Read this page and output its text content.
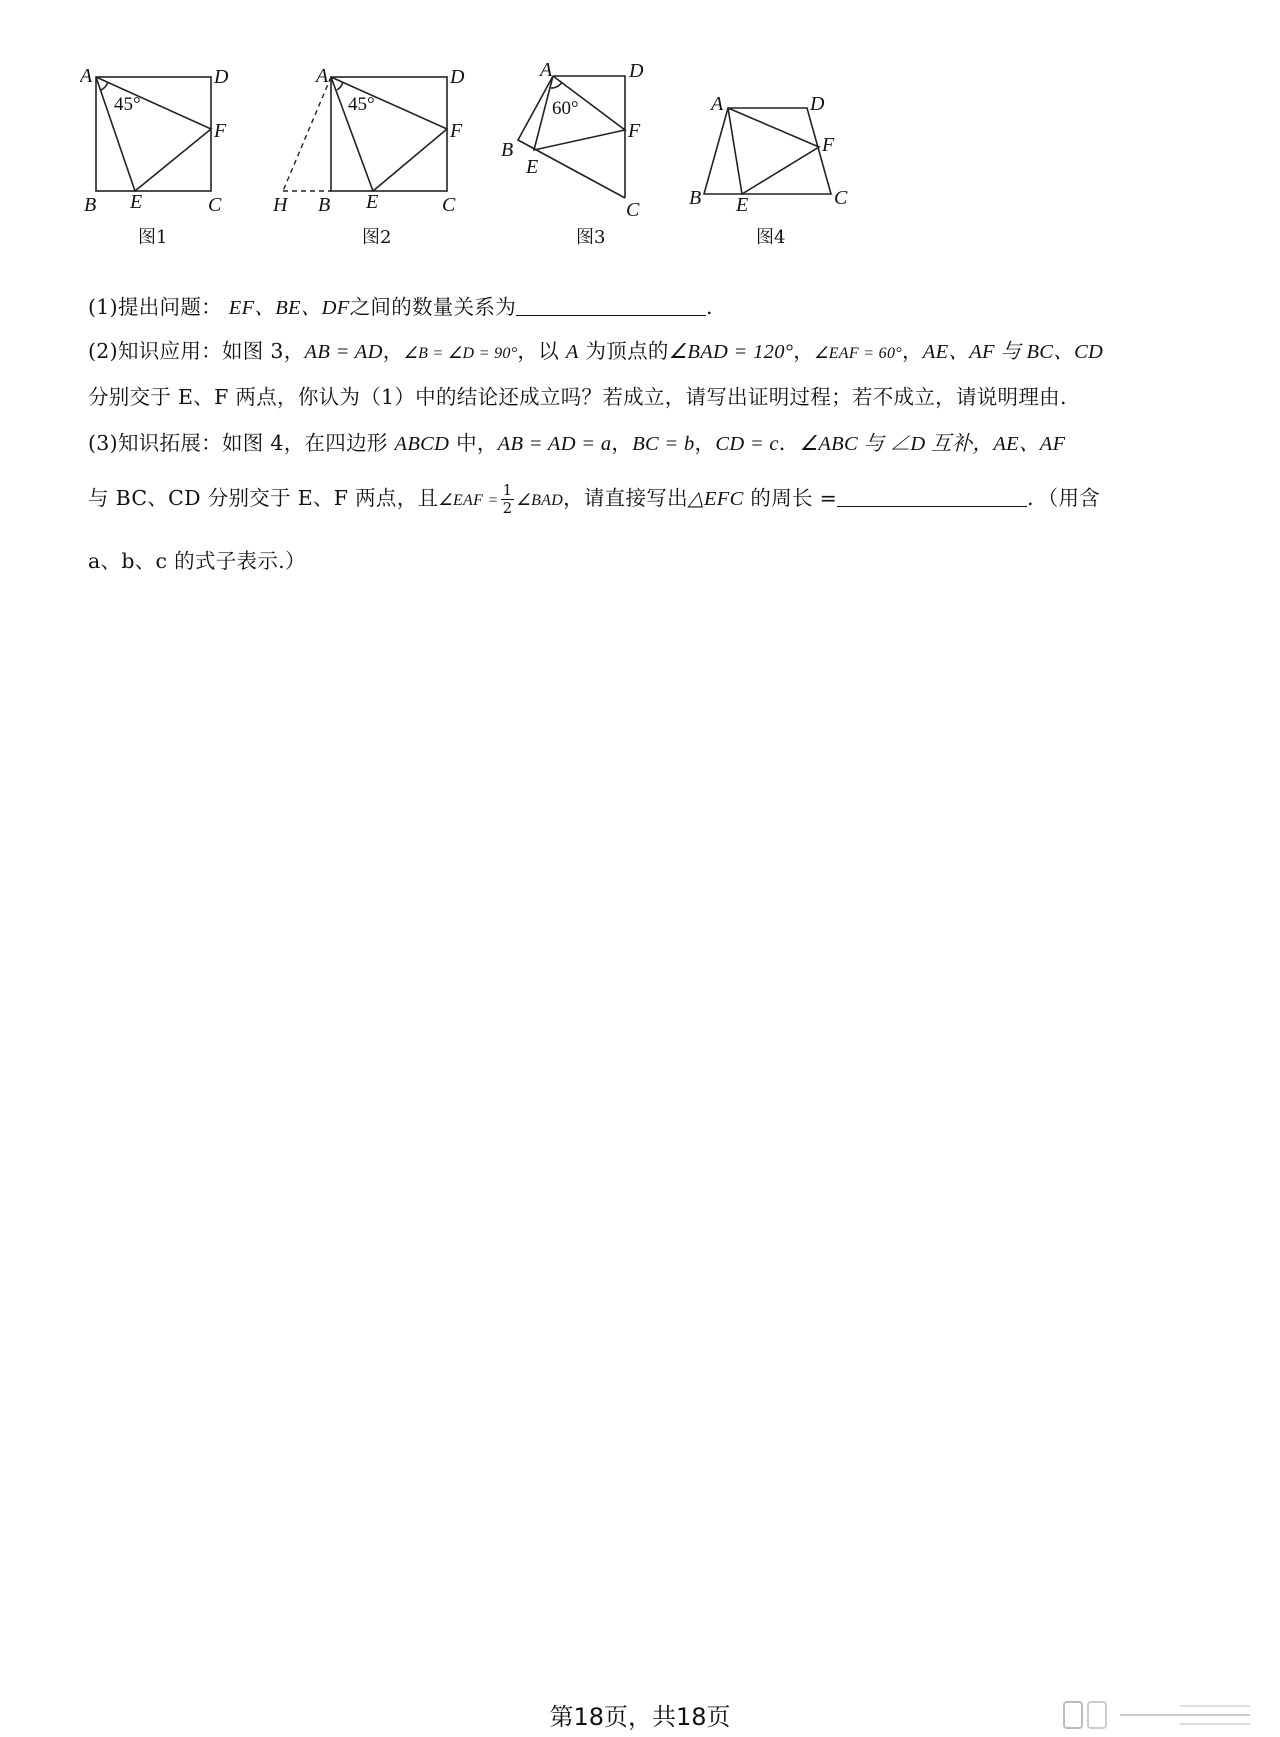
A	D
F
B E	C
45°
图1
A	D
F
H B E	C
45°
图2
A	D
F
B
E
C
60°
图3
A	D
F
B E	C
图4
(1)提出问题： EF、BE、DF之间的数量关系为	.
(2)知识应用：如图 3，AB = AD，∠B = ∠D = 90°，以 A 为顶点的∠BAD = 120°，∠EAF = 60°，AE、AF 与 BC、CD
分别交于 E、F 两点，你认为（1）中的结论还成立吗？若成立，请写出证明过程；若不成立，请说明理由.
(3)知识拓展：如图 4，在四边形 ABCD 中，AB = AD = a，BC = b，CD = c．∠ABC 与 ∠D 互补，AE、AF
与 BC、CD 分别交于 E、F 两点，且∠EAF = $\frac{1}{2}$ ∠BAD，请直接写出△EFC 的周长 =	．（用含
a、b、c 的式子表示.）
第18页，共18页
